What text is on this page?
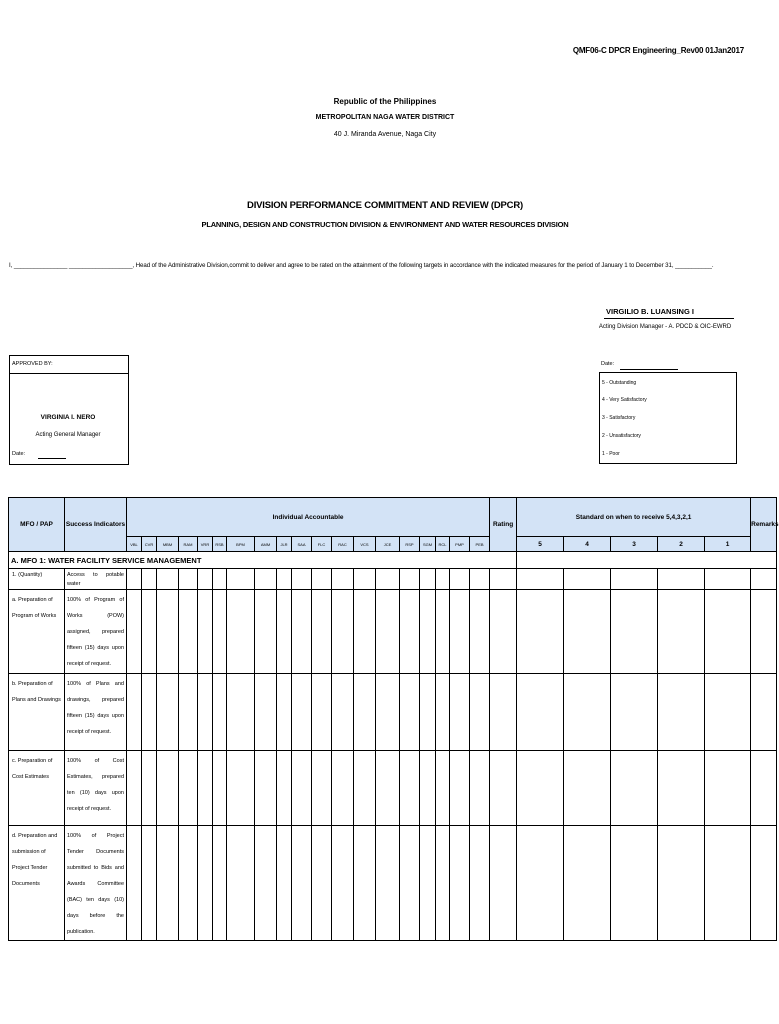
QMF06-C DPCR Engineering_Rev00 01Jan2017
Republic of the Philippines
METROPOLITAN NAGA WATER DISTRICT
40 J. Miranda Avenue, Naga City
DIVISION PERFORMANCE COMMITMENT AND REVIEW (DPCR)
PLANNING, DESIGN AND CONSTRUCTION DIVISION & ENVIRONMENT AND WATER RESOURCES DIVISION
I, ________________ ___________________, Head of the Administrative Division,commit to deliver and agree to be rated on the attainment of the following targets in accordance with the indicated measures for the period of January 1 to December 31, ___________.
VIRGILIO B. LUANSING I
Acting Division Manager - A. PDCD & OIC-EWRD
APPROVED BY:
VIRGINIA I. NERO
Acting General Manager
Date:
Date:
5 - Outstanding
4 - Very Satisfactory
3 - Satisfactory
2 - Unsatisfactory
1 - Poor
MFO / PAP	Success Indicators	Individual Accountable																			Rating	Standard on when to receive 5,4,3,2,1					Remarks
		VBL	CVR	MBM	RAM	VRR	RSB	BPM	AMM	JLR	SAA	FLC	RAC	VCS	JCE	RSP	SGM	RCL	PMP	PEB		5	4	3	2	1	
A. MFO 1: WATER FACILITY SERVICE MANAGEMENT																											
1. (Quantity)	Access to potable water																										
a. Preparation of Program of Works	100% of Program of Works (POW) assigned, prepared fifteen (15) days upon receipt of request.																										
b. Preparation of Plans and Drawings	100% of Plans and drawings, prepared fifteen (15) days upon receipt of request.																										
c. Preparation of Cost Estimates	100% of Cost Estimates, prepared ten (10) days upon receipt of request.																										
d. Preparation and submission of Project Tender Documents	100% of Project Tender Documents submitted to Bids and Awards Committee (BAC) ten days (10) days before the publication.																										
